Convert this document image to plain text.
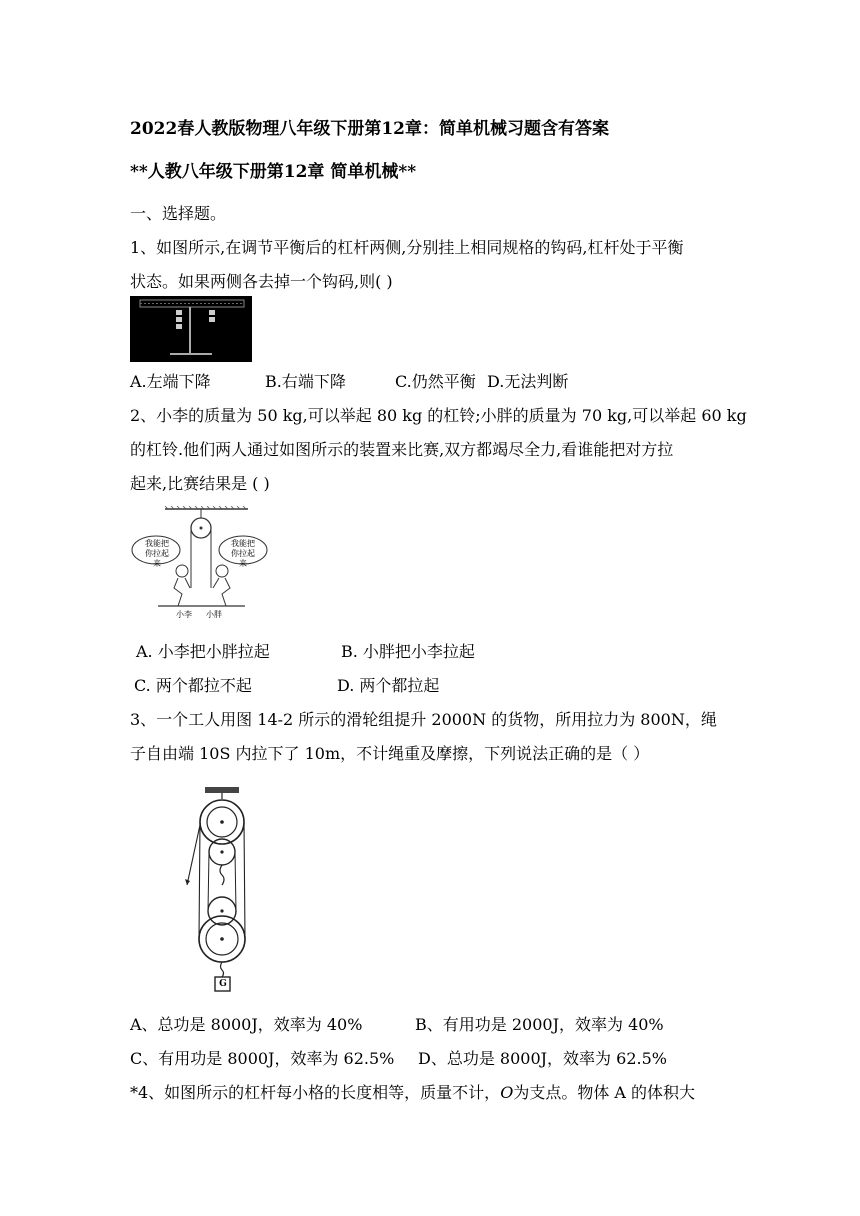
2022春人教版物理八年级下册第12章：简单机械习题含有答案
**人教八年级下册第12章 简单机械**
一、选择题。
1、如图所示,在调节平衡后的杠杆两侧,分别挂上相同规格的钩码,杠杆处于平衡
状态。如果两侧各去掉一个钩码,则( )
A.左端下降	B.右端下降	C.仍然平衡 D.无法判断
2、小李的质量为 50 kg,可以举起 80 kg 的杠铃;小胖的质量为 70 kg,可以举起 60 kg
的杠铃.他们两人通过如图所示的装置来比赛,双方都竭尽全力,看谁能把对方拉
起来,比赛结果是 ( )
我能把
你拉起来
我能把
你拉起来
小李 小胖
A. 小李把小胖拉起	B. 小胖把小李拉起
C. 两个都拉不起	D. 两个都拉起
3、一个工人用图 14-2 所示的滑轮组提升 2000N 的货物，所用拉力为 800N，绳
子自由端 10S 内拉下了 10m，不计绳重及摩擦，下列说法正确的是（ ）
G
A、总功是 8000J，效率为 40%	B、有用功是 2000J，效率为 40%
C、有用功是 8000J，效率为 62.5% D、总功是 8000J，效率为 62.5%
*4、如图所示的杠杆每小格的长度相等，质量不计，O为支点。物体 A 的体积大
